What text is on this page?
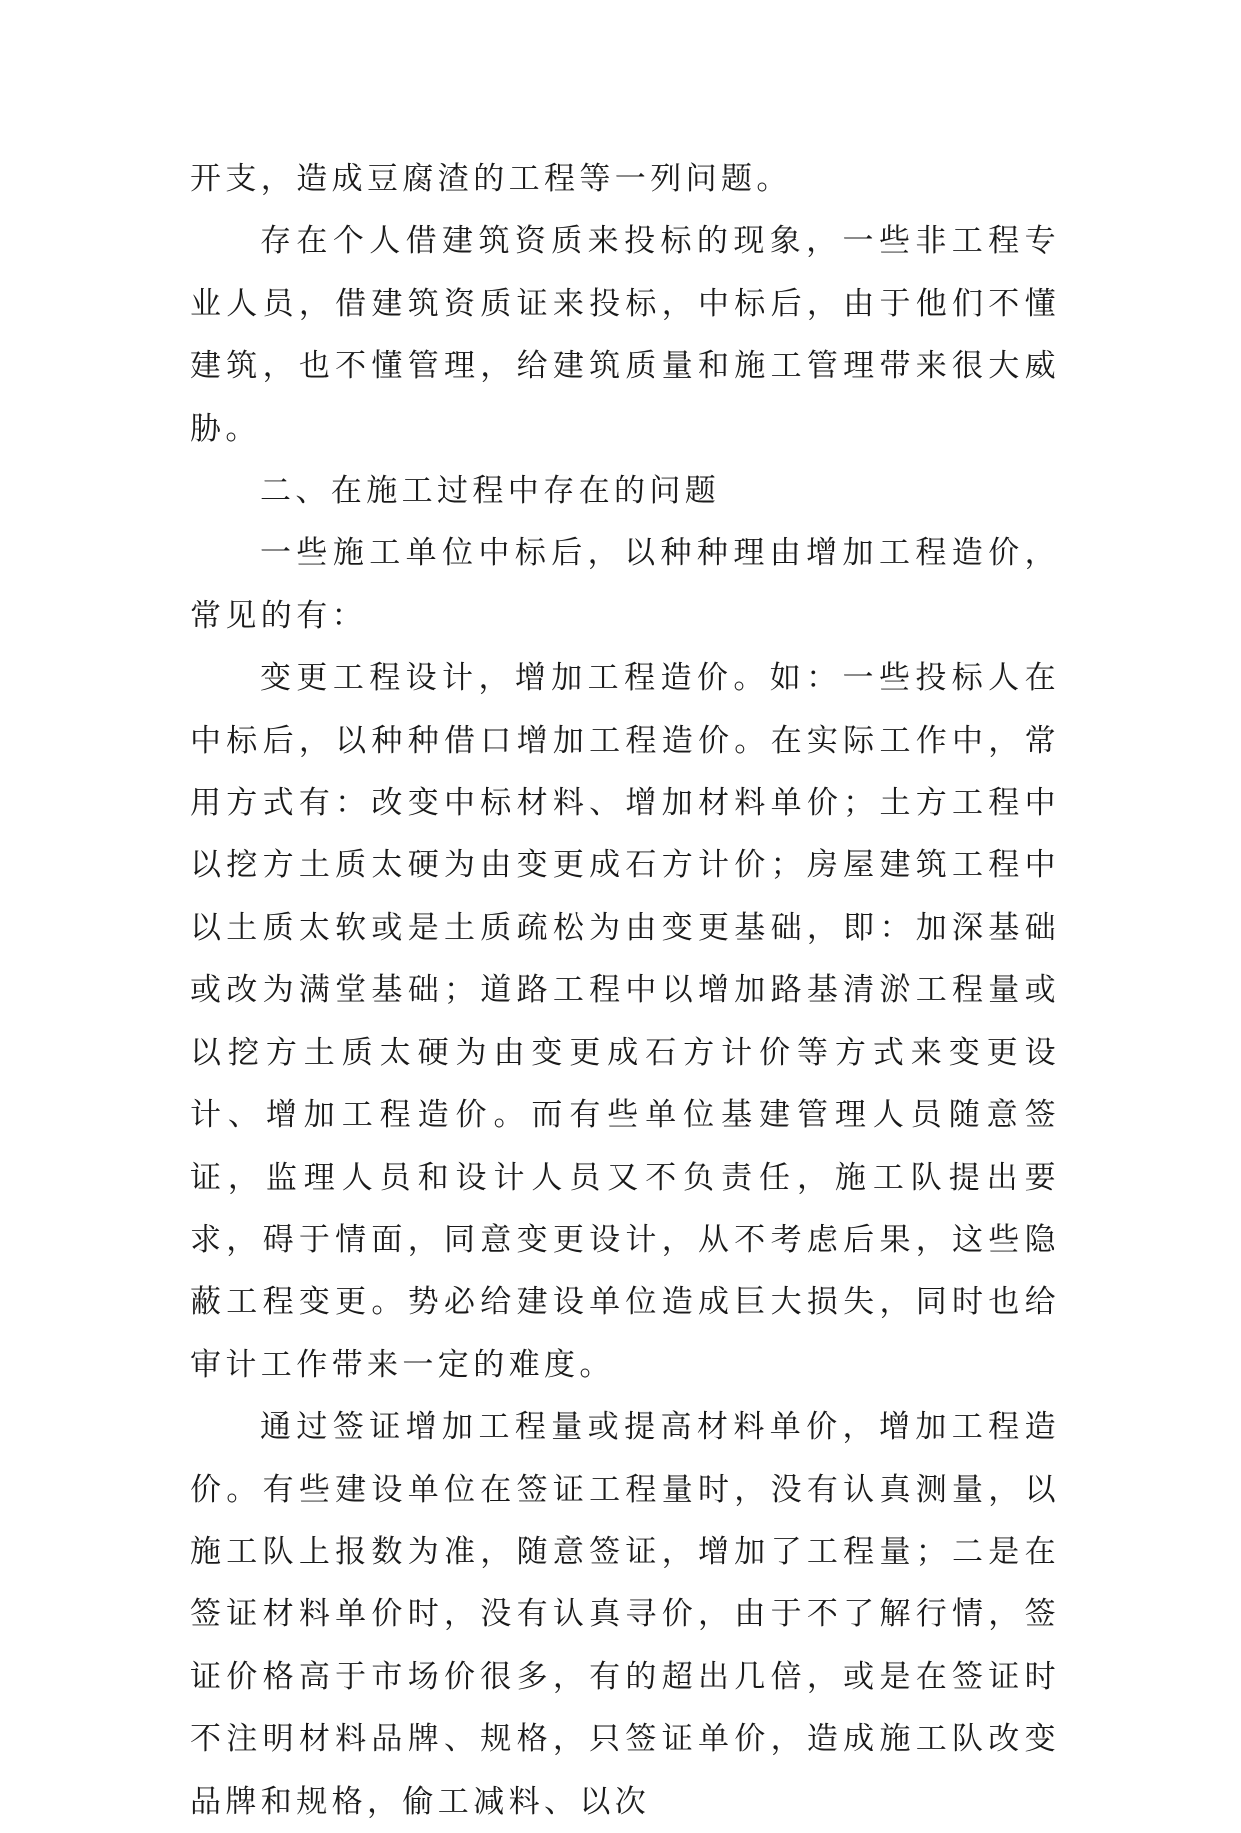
开支，造成豆腐渣的工程等一列问题。

存在个人借建筑资质来投标的现象，一些非工程专业人员，借建筑资质证来投标，中标后，由于他们不懂建筑，也不懂管理，给建筑质量和施工管理带来很大威胁。

二、在施工过程中存在的问题

一些施工单位中标后，以种种理由增加工程造价，常见的有：

变更工程设计，增加工程造价。如：一些投标人在中标后，以种种借口增加工程造价。在实际工作中，常用方式有：改变中标材料、增加材料单价；土方工程中以挖方土质太硬为由变更成石方计价；房屋建筑工程中以土质太软或是土质疏松为由变更基础，即：加深基础或改为满堂基础；道路工程中以增加路基清淤工程量或以挖方土质太硬为由变更成石方计价等方式来变更设计、增加工程造价。而有些单位基建管理人员随意签证，监理人员和设计人员又不负责任，施工队提出要求，碍于情面，同意变更设计，从不考虑后果，这些隐蔽工程变更。势必给建设单位造成巨大损失，同时也给审计工作带来一定的难度。

通过签证增加工程量或提高材料单价，增加工程造价。有些建设单位在签证工程量时，没有认真测量，以施工队上报数为准，随意签证，增加了工程量；二是在签证材料单价时，没有认真寻价，由于不了解行情，签证价格高于市场价很多，有的超出几倍，或是在签证时不注明材料品牌、规格，只签证单价，造成施工队改变品牌和规格，偷工减料、以次
